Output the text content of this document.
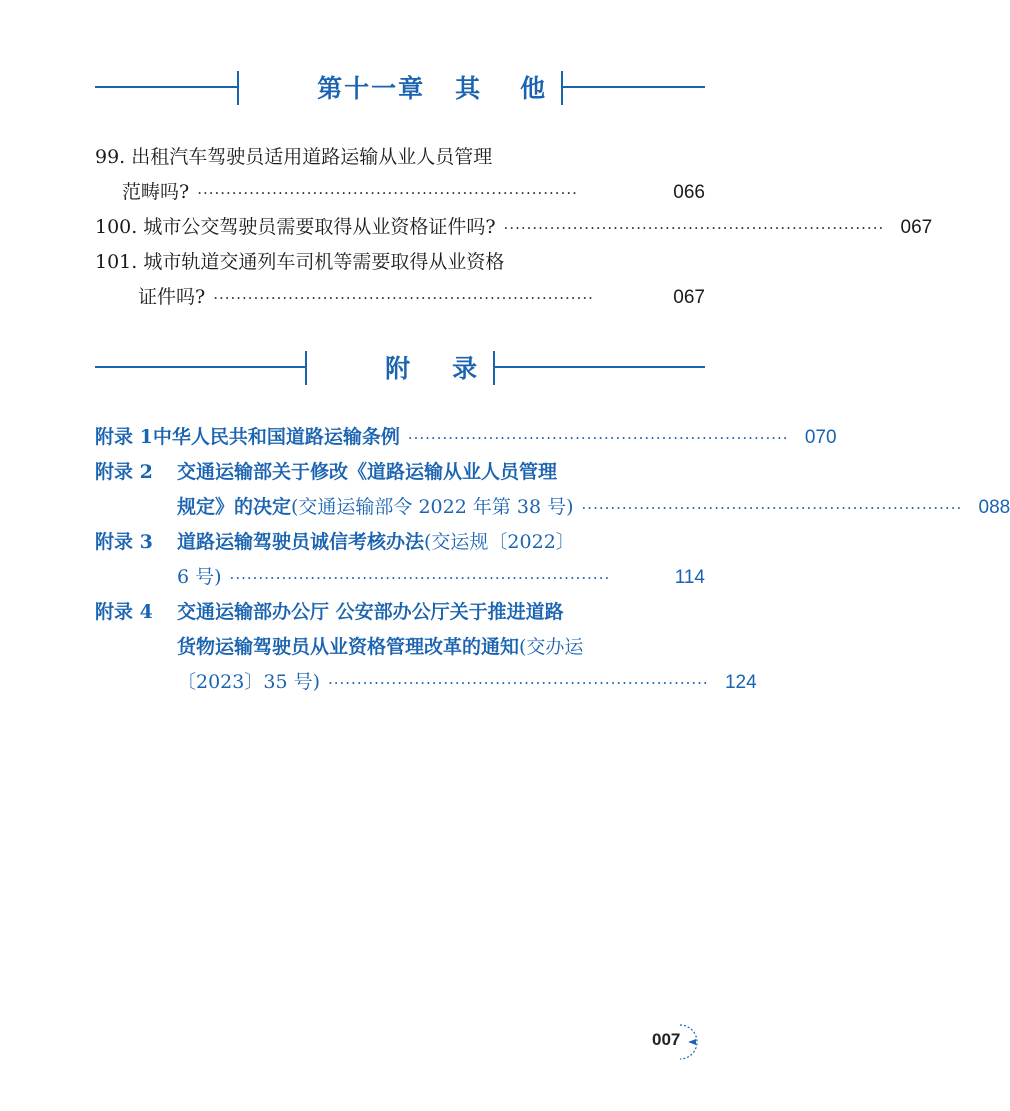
第十一章 其 他

99. 出租汽车驾驶员适用道路运输从业人员管理
范畴吗? ··································································	066
100. 城市公交驾驶员需要取得从业资格证件吗? ·································································· 067
101. 城市轨道交通列车司机等需要取得从业资格
证件吗? ··································································	067

附 录

附录 1 中华人民共和国道路运输条例 ·································································· 070
附录 2 交通运输部关于修改《道路运输从业人员管理
规定》的决定 (交通运输部令 2022 年第 38 号) ·································································· 088
附录 3 道路运输驾驶员诚信考核办法(交运规〔2022〕
6 号) ··································································	114
附录 4 交通运输部办公厅 公安部办公厅关于推进道路
货物运输驾驶员从业资格管理改革的通知(交办运
〔2023〕35 号) ·································································· 124
007
